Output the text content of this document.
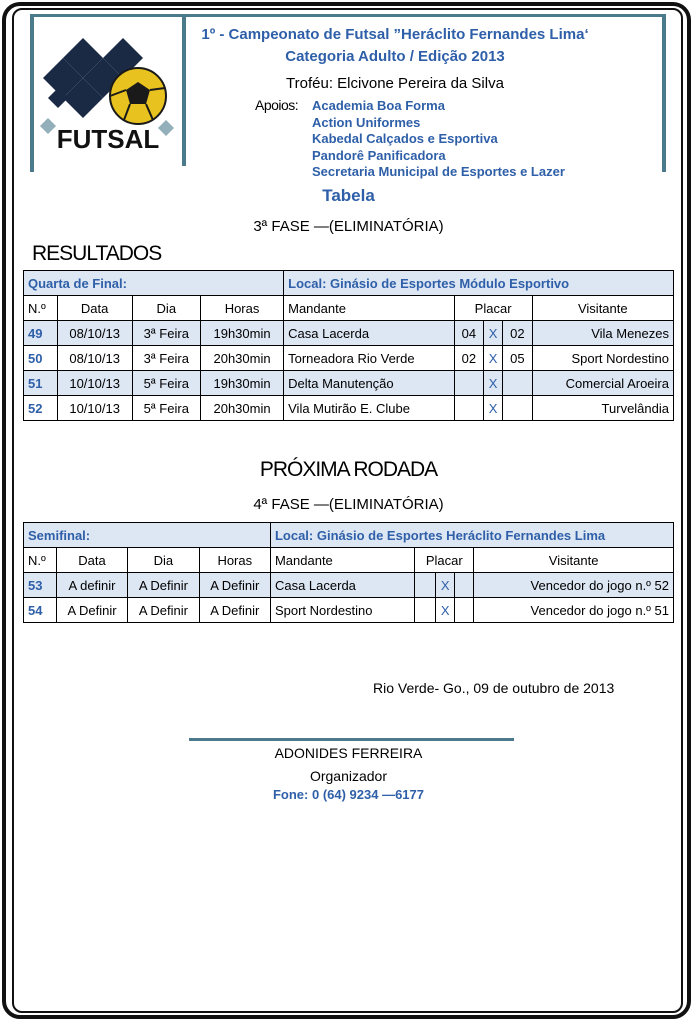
FUTSAL
1º - Campeonato de Futsal ”Heráclito Fernandes Lima‘
Categoria Adulto / Edição 2013
Troféu: Elcivone Pereira da Silva
Apoios: Academia Boa Forma
Action Uniformes
Kabedal Calçados e Esportiva
Pandorê Panificadora
Secretaria Municipal de Esportes e Lazer
Tabela
3ª FASE —(ELIMINATÓRIA)
RESULTADOS
Quarta de Final:				Local: Ginásio de Esportes Módulo Esportivo				
N.º	Data	Dia	Horas	Mandante	Placar			Visitante
49	08/10/13	3ª Feira	19h30min	Casa Lacerda	04	X	02	Vila Menezes
50	08/10/13	3ª Feira	20h30min	Torneadora Rio Verde	02	X	05	Sport Nordestino
51	10/10/13	5ª Feira	19h30min	Delta Manutenção		X		Comercial Aroeira
52	10/10/13	5ª Feira	20h30min	Vila Mutirão E. Clube		X		Turvelândia
PRÓXIMA RODADA
4ª FASE —(ELIMINATÓRIA)
Semifinal:				Local: Ginásio de Esportes Heráclito Fernandes Lima				
N.º	Data	Dia	Horas	Mandante	Placar			Visitante
53	A definir	A Definir	A Definir	Casa Lacerda		X		Vencedor do jogo n.º 52
54	A Definir	A Definir	A Definir	Sport Nordestino		X		Vencedor do jogo n.º 51
Rio Verde- Go., 09 de outubro de 2013
ADONIDES FERREIRA
Organizador
Fone: 0 (64) 9234 —6177
